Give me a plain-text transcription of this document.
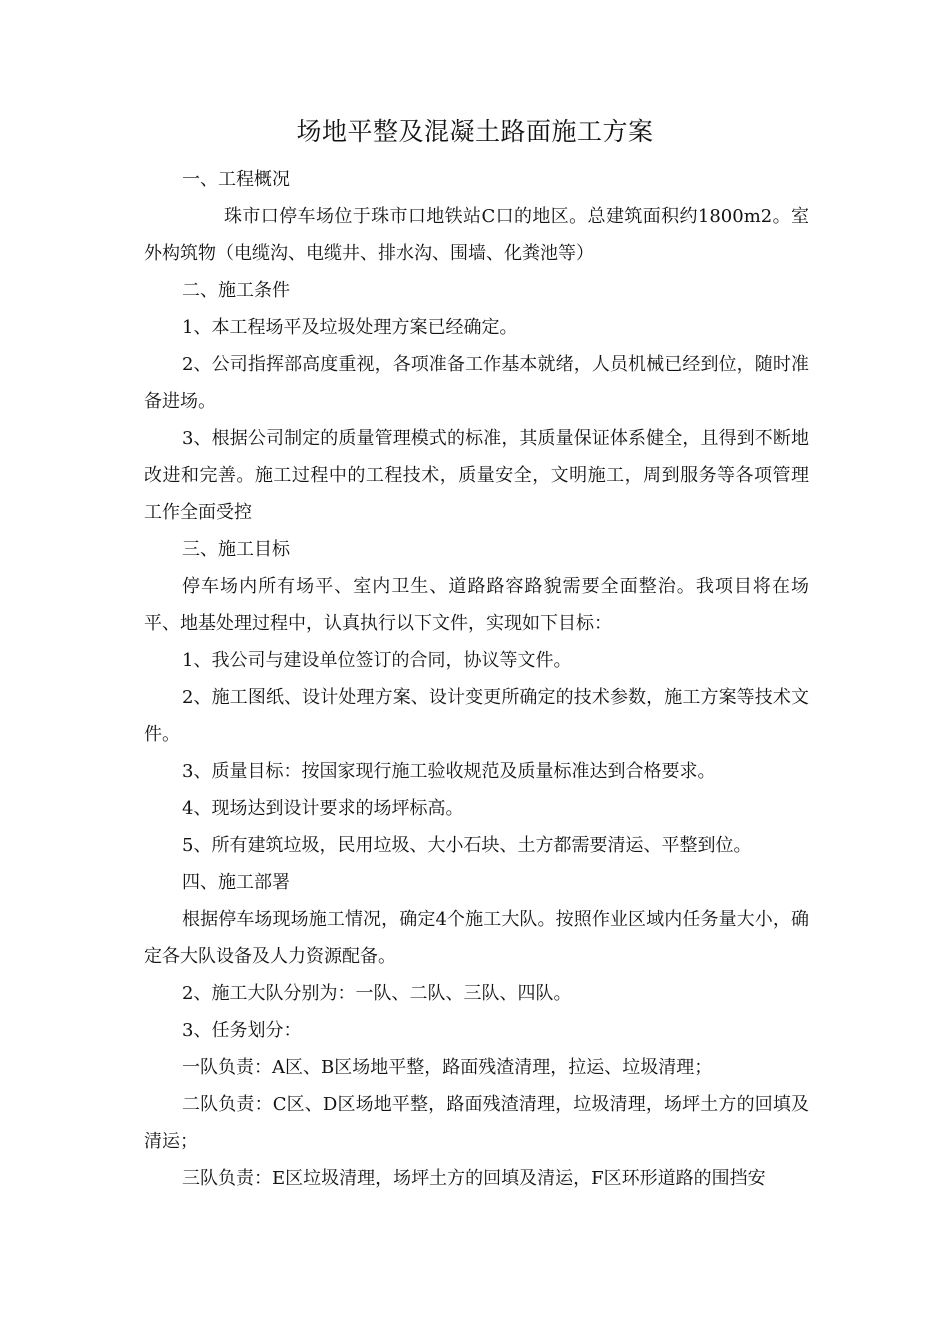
场地平整及混凝土路面施工方案

一、工程概况

珠市口停车场位于珠市口地铁站C口的地区。总建筑面积约1800m2。室外构筑物（电缆沟、电缆井、排水沟、围墙、化粪池等）

二、施工条件

1、本工程场平及垃圾处理方案已经确定。

2、公司指挥部高度重视，各项准备工作基本就绪，人员机械已经到位，随时准备进场。

3、根据公司制定的质量管理模式的标准，其质量保证体系健全，且得到不断地改进和完善。施工过程中的工程技术，质量安全，文明施工，周到服务等各项管理工作全面受控

三、施工目标

停车场内所有场平、室内卫生、道路路容路貌需要全面整治。我项目将在场平、地基处理过程中，认真执行以下文件，实现如下目标：

1、我公司与建设单位签订的合同，协议等文件。

2、施工图纸、设计处理方案、设计变更所确定的技术参数，施工方案等技术文件。

3、质量目标：按国家现行施工验收规范及质量标准达到合格要求。

4、现场达到设计要求的场坪标高。

5、所有建筑垃圾，民用垃圾、大小石块、土方都需要清运、平整到位。

四、施工部署

根据停车场现场施工情况，确定4个施工大队。按照作业区域内任务量大小，确定各大队设备及人力资源配备。

2、施工大队分别为：一队、二队、三队、四队。

3、任务划分：

一队负责：A区、B区场地平整，路面残渣清理，拉运、垃圾清理；

二队负责：C区、D区场地平整，路面残渣清理，垃圾清理，场坪土方的回填及清运；

三队负责：E区垃圾清理，场坪土方的回填及清运，F区环形道路的围挡安
